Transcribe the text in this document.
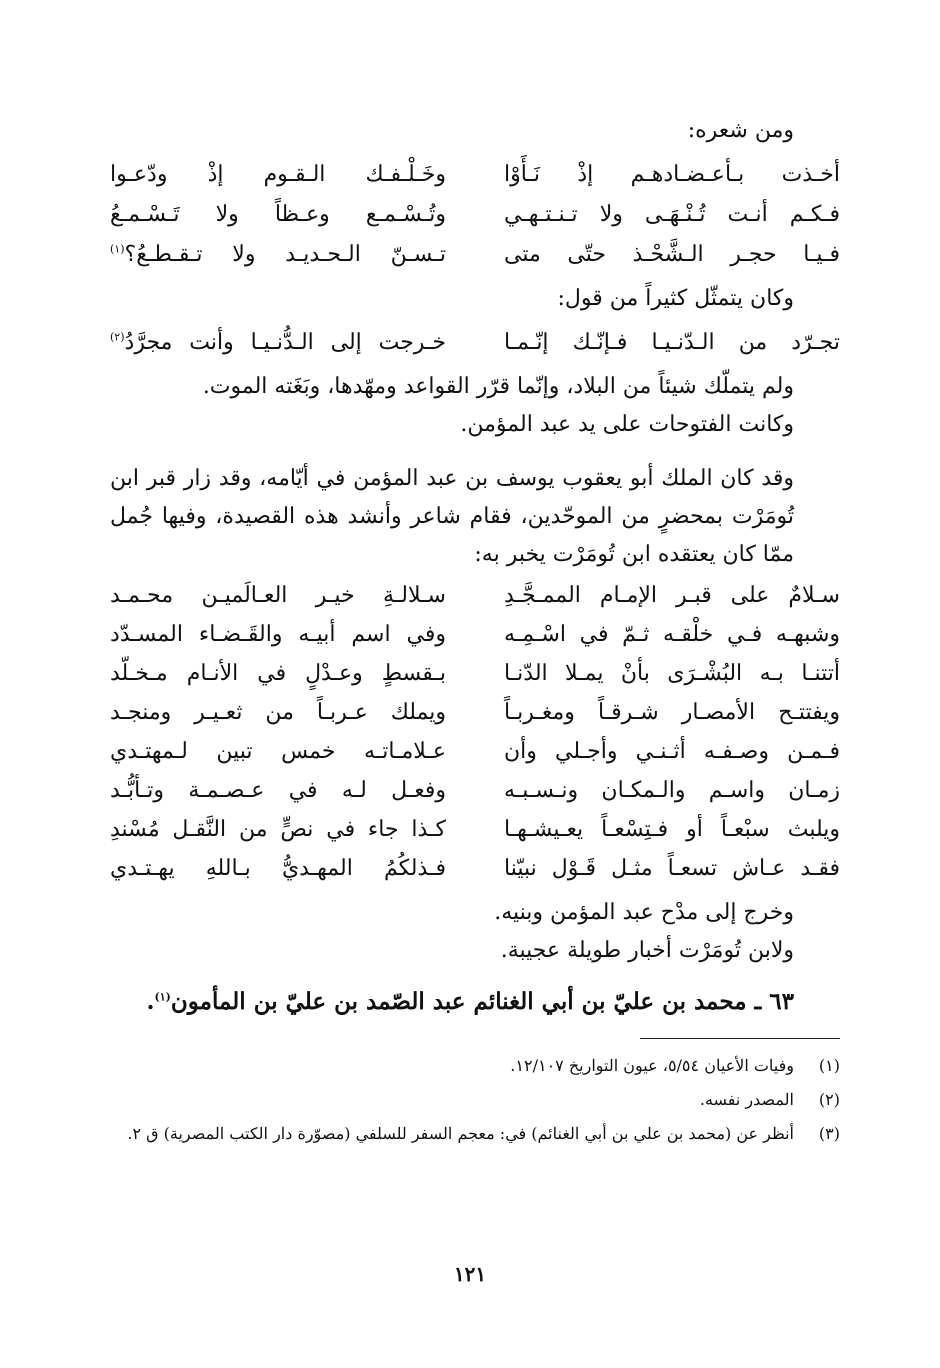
ومن شعره:

أخـذت بـأعـضـادهـم إذْ نَـأَوْا
وخَـلْـفـك الـقـوم إذْ ودّعـوا
فـكـم أنـت تُـنْـهَـى ولا تـنـتـهـي
وتُـسْـمـع وعـظاً ولا تَـسْـمـعُ
فـيـا حجـر الـشَّحْـذ حتّى متى
تـسـنّ الـحـديـد ولا تـقـطـعُ؟$^{(١)}$

وكان يتمثّل كثيراً من قول:

تجـرّد من الـدّنـيـا فـإنّـك إنّـمـا
خـرجت إلى الـدُّنـيـا وأنت مجرَّدُ$^{(٢)}$

ولم يتملّك شيئاً من البلاد، وإنّما قرّر القواعد ومهّدها، وبَغَته الموت.

وكانت الفتوحات على يد عبد المؤمن.

وقد كان الملك أبو يعقوب يوسف بن عبد المؤمن في أيّامه، وقد زار قبر ابن تُومَرْت بمحضرٍ من الموحّدين، فقام شاعر وأنشد هذه القصيدة، وفيها جُمل ممّا كان يعتقده ابن تُومَرْت يخبر به:

سـلامٌ على قبـر الإمـام الممـجَّـدِ
سـلالـةِ خيـر العـالَميـن محـمـد
وشبهـه فـي خلْقـه ثـمّ في اسْـمِـه
وفي اسم أبيـه والقَـضـاء المسـدّد
أتتنـا بـه البُشْـرَى بأنْ يمـلا الدّنـا
بـقسطٍ وعـدْلٍ في الأنـام مـخـلّد
ويفتتـح الأمصـار شـرقـاً ومغـربـاً
ويملك عـربـاً من ثعـيـر ومنجـد
فـمـن وصـفـه أثـنـي وأجـلي وأن
عـلامـاتـه خمس تبين لـمهتـدي
زمـان واسـم والـمكـان ونـسـبـه
وفعـل لـه في عـصـمـة وتـأبُّـد
ويلبث سبْعـاً أو فـتِسْعـاً يعـيشـهـا
كـذا جاء في نصٍّ من النَّقـل مُسْندِ
فقـد عـاش تسعـاً مثـل قَـوْل نبيّنا
فـذلكُمُ المهـديُّ بـاللهِ يهـتـدي

وخرج إلى مدْح عبد المؤمن وبنيه.

ولابن تُومَرْت أخبار طويلة عجيبة.

٦٣ ـ محمد بن عليّ بن أبي الغنائم عبد الصّمد بن عليّ بن المأمون$^{(١)}$.

(١)
وفيات الأعيان ٥/٥٤، عيون التواريخ ١٢/١٠٧.
(٢)
المصدر نفسه.
(٣)
أنظر عن (محمد بن علي بن أبي الغنائم) في: معجم السفر للسلفي (مصوّرة دار الكتب المصرية) ق ٢.
١٢١
